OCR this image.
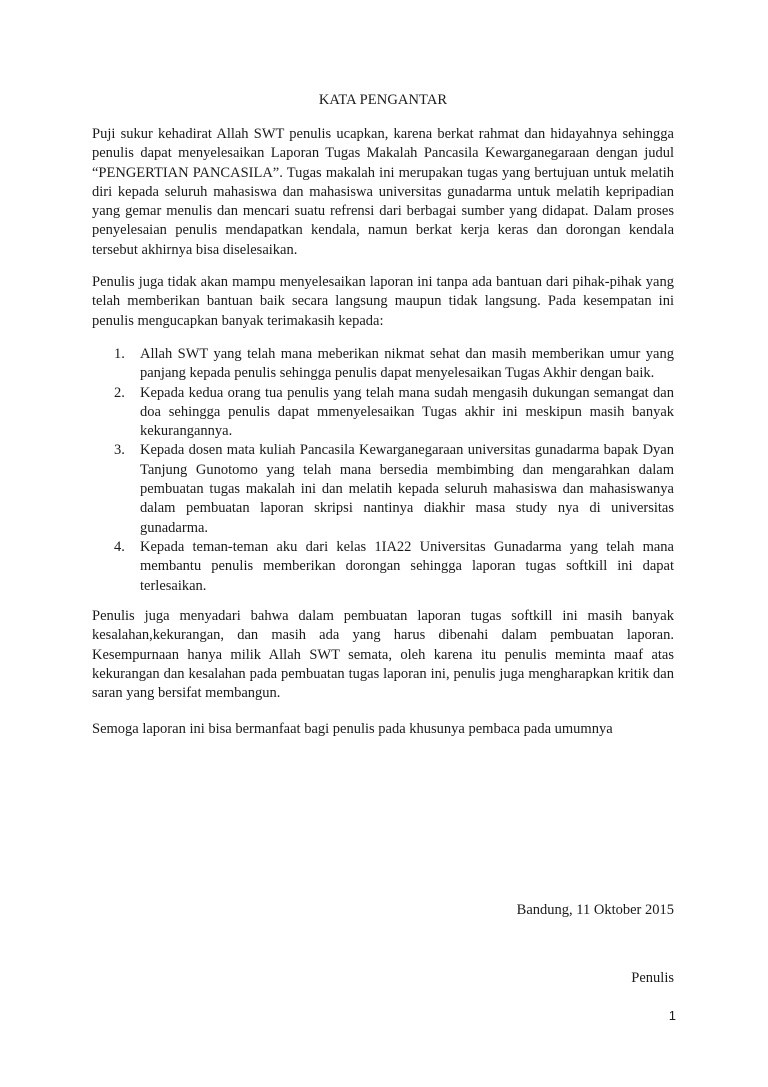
KATA PENGANTAR

Puji sukur kehadirat Allah SWT penulis ucapkan, karena berkat rahmat dan hidayahnya sehingga penulis dapat menyelesaikan Laporan Tugas Makalah Pancasila Kewarganegaraan dengan judul “PENGERTIAN PANCASILA”. Tugas makalah ini merupakan tugas yang bertujuan untuk melatih diri kepada seluruh mahasiswa dan mahasiswa universitas gunadarma untuk melatih kepripadian yang gemar menulis dan mencari suatu refrensi dari berbagai sumber yang didapat. Dalam proses penyelesaian penulis mendapatkan kendala, namun berkat kerja keras dan dorongan kendala tersebut akhirnya bisa diselesaikan.

Penulis juga tidak akan mampu menyelesaikan laporan ini tanpa ada bantuan dari pihak-pihak yang telah memberikan bantuan baik secara langsung maupun tidak langsung. Pada kesempatan ini penulis mengucapkan banyak terimakasih kepada:

1. Allah SWT yang telah mana meberikan nikmat sehat dan masih memberikan umur yang panjang kepada penulis sehingga penulis dapat menyelesaikan Tugas Akhir dengan baik.
2. Kepada kedua orang tua penulis yang telah mana sudah mengasih dukungan semangat dan doa sehingga penulis dapat mmenyelesaikan Tugas akhir ini meskipun masih banyak kekurangannya.
3. Kepada dosen mata kuliah Pancasila Kewarganegaraan universitas gunadarma bapak Dyan Tanjung Gunotomo yang telah mana bersedia membimbing dan mengarahkan dalam pembuatan tugas makalah ini dan melatih kepada seluruh mahasiswa dan mahasiswanya dalam pembuatan laporan skripsi nantinya diakhir masa study nya di universitas gunadarma.
4. Kepada teman-teman aku dari kelas 1IA22 Universitas Gunadarma yang telah mana membantu penulis memberikan dorongan sehingga laporan tugas softkill ini dapat terlesaikan.

Penulis juga menyadari bahwa dalam pembuatan laporan tugas softkill ini masih banyak kesalahan,kekurangan, dan masih ada yang harus dibenahi dalam pembuatan laporan. Kesempurnaan hanya milik Allah SWT semata, oleh karena itu penulis meminta maaf atas kekurangan dan kesalahan pada pembuatan tugas laporan ini, penulis juga mengharapkan kritik dan saran yang bersifat membangun.

Semoga laporan ini bisa bermanfaat bagi penulis pada khusunya pembaca pada umumnya

Bandung, 11 Oktober 2015
Penulis
1
